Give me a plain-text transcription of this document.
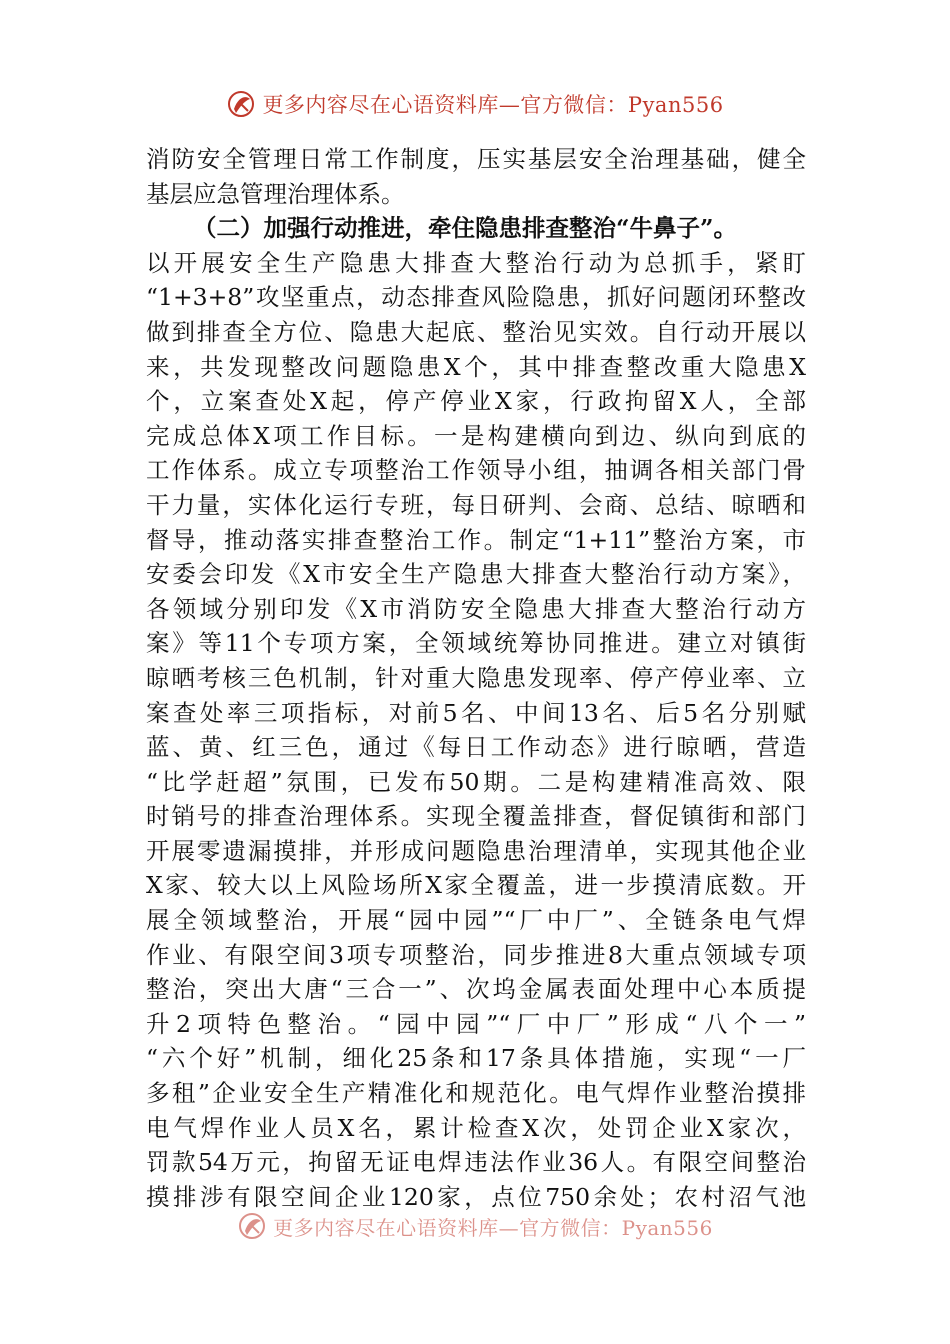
更多内容尽在心语资料库—官方微信：Pyan556
消防安全管理日常工作制度，压实基层安全治理基础，健全
基层应急管理治理体系。
（二）加强行动推进，牵住隐患排查整治“牛鼻子”。
以开展安全生产隐患大排查大整治行动为总抓手，紧盯
“1+3+8”攻坚重点，动态排查风险隐患，抓好问题闭环整改
做到排查全方位、隐患大起底、整治见实效。自行动开展以
来，共发现整改问题隐患X个，其中排查整改重大隐患X
个，立案查处X起，停产停业X家，行政拘留X人，全部
完成总体X项工作目标。一是构建横向到边、纵向到底的
工作体系。成立专项整治工作领导小组，抽调各相关部门骨
干力量，实体化运行专班，每日研判、会商、总结、晾晒和
督导，推动落实排查整治工作。制定“1+11”整治方案，市
安委会印发《X市安全生产隐患大排查大整治行动方案》，
各领域分别印发《X市消防安全隐患大排查大整治行动方
案》等11个专项方案，全领域统筹协同推进。建立对镇街
晾晒考核三色机制，针对重大隐患发现率、停产停业率、立
案查处率三项指标，对前5名、中间13名、后5名分别赋
蓝、黄、红三色，通过《每日工作动态》进行晾晒，营造
“比学赶超”氛围，已发布50期。二是构建精准高效、限
时销号的排查治理体系。实现全覆盖排查，督促镇街和部门
开展零遗漏摸排，并形成问题隐患治理清单，实现其他企业
X家、较大以上风险场所X家全覆盖，进一步摸清底数。开
展全领域整治，开展“园中园”“厂中厂”、全链条电气焊
作业、有限空间3项专项整治，同步推进8大重点领域专项
整治，突出大唐“三合一”、次坞金属表面处理中心本质提
升2项特色整治。“园中园”“厂中厂”形成“八个一”
“六个好”机制，细化25条和17条具体措施，实现“一厂
多租”企业安全生产精准化和规范化。电气焊作业整治摸排
电气焊作业人员X名，累计检查X次，处罚企业X家次，
罚款54万元，拘留无证电焊违法作业36人。有限空间整治
摸排涉有限空间企业120家，点位750余处；农村沼气池
更多内容尽在心语资料库—官方微信：Pyan556
